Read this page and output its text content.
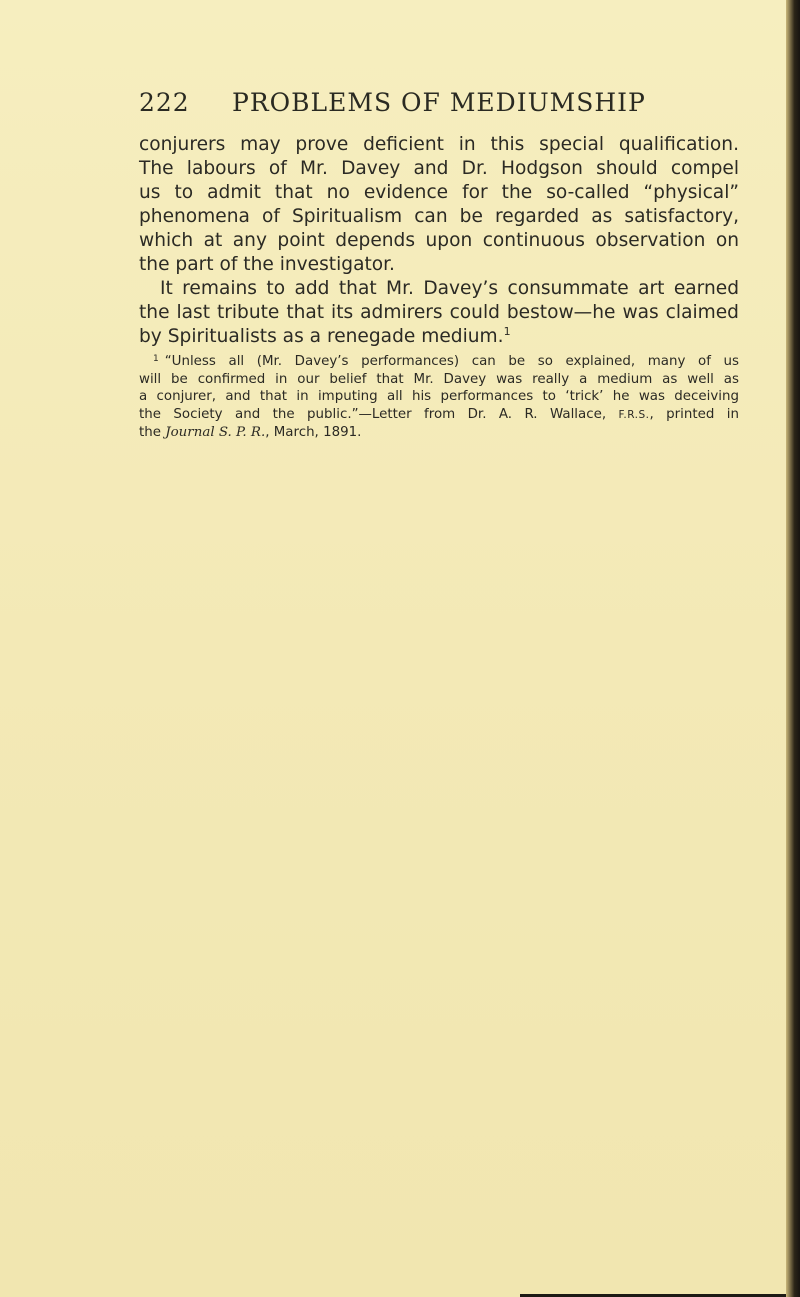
222 PROBLEMS OF MEDIUMSHIP
conjurers may prove deficient in this special qualification.
The labours of Mr. Davey and Dr. Hodgson should compel
us to admit that no evidence for the so-called “physical”
phenomena of Spiritualism can be regarded as satisfactory,
which at any point depends upon continuous observation on
the part of the investigator.
It remains to add that Mr. Davey’s consummate art earned
the last tribute that its admirers could bestow—he was claimed
by Spiritualists as a renegade medium.$^1$
$^1$ “Unless all (Mr. Davey’s performances) can be so explained, many of us
will be confirmed in our belief that Mr. Davey was really a medium as well as
a conjurer, and that in imputing all his performances to ‘trick’ he was deceiving
the Society and the public.”—Letter from Dr. A. R. Wallace, F.R.S., printed in
the Journal S. P. R., March, 1891.
